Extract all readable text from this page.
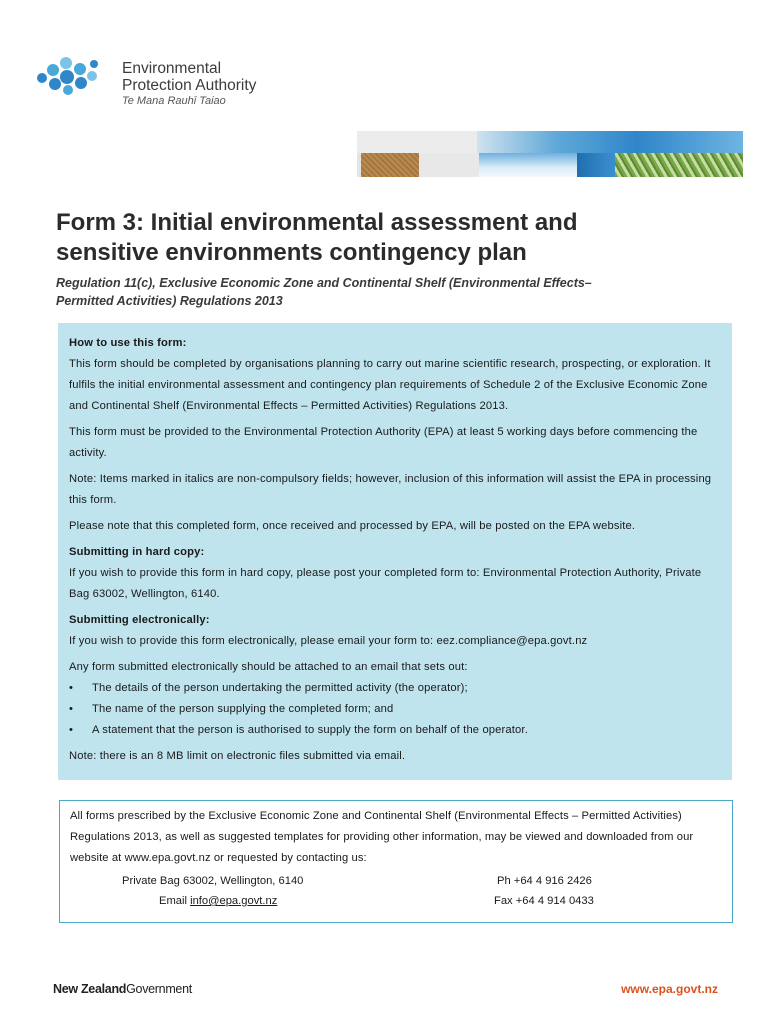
Environmental
Protection Authority
Te Mana Rauhī Taiao
Form 3: Initial environmental assessment and
sensitive environments contingency plan
Regulation 11(c), Exclusive Economic Zone and Continental Shelf (Environmental Effects–
Permitted Activities) Regulations 2013

How to use this form:

This form should be completed by organisations planning to carry out marine scientific research, prospecting, or exploration. It fulfils the initial environmental assessment and contingency plan requirements of Schedule 2 of the Exclusive Economic Zone and Continental Shelf (Environmental Effects – Permitted Activities) Regulations 2013.

This form must be provided to the Environmental Protection Authority (EPA) at least 5 working days before commencing the activity.

Note: Items marked in italics are non-compulsory fields; however, inclusion of this information will assist the EPA in processing this form.

Please note that this completed form, once received and processed by EPA, will be posted on the EPA website.

Submitting in hard copy:

If you wish to provide this form in hard copy, please post your completed form to: Environmental Protection Authority, Private Bag 63002, Wellington, 6140.

Submitting electronically:

If you wish to provide this form electronically, please email your form to: eez.compliance@epa.govt.nz

Any form submitted electronically should be attached to an email that sets out:

• The details of the person undertaking the permitted activity (the operator);
• The name of the person supplying the completed form; and
• A statement that the person is authorised to supply the form on behalf of the operator.

Note: there is an 8 MB limit on electronic files submitted via email.

All forms prescribed by the Exclusive Economic Zone and Continental Shelf (Environmental Effects – Permitted Activities) Regulations 2013, as well as suggested templates for providing other information, may be viewed and downloaded from our website at www.epa.govt.nz or requested by contacting us:
Private Bag 63002, Wellington, 6140
Email info@epa.govt.nz
Ph +64 4 916 2426
Fax +64 4 914 0433
New ZealandGovernment	www.epa.govt.nz
